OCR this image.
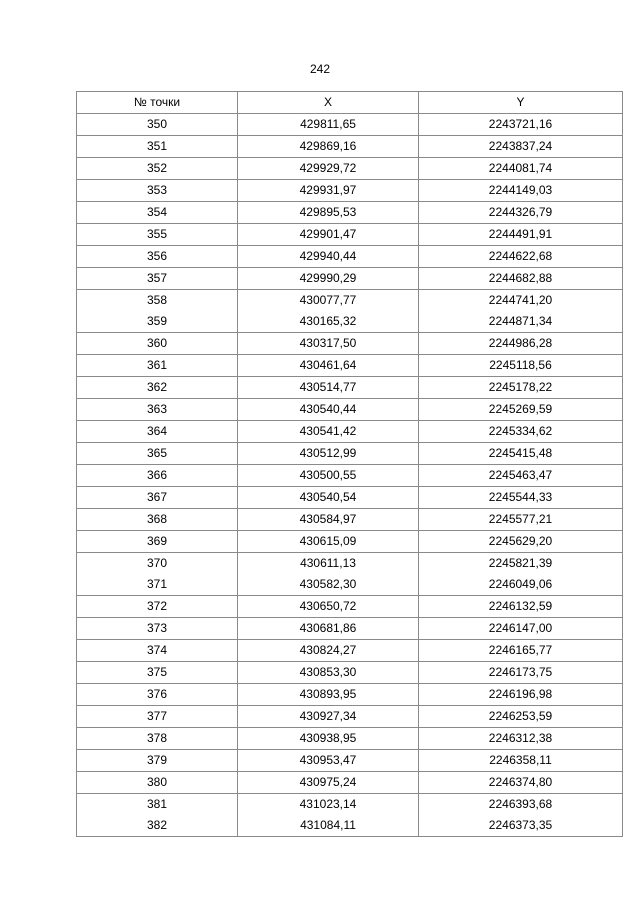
242
№ точки	X	Y
350	429811,65	2243721,16
351	429869,16	2243837,24
352	429929,72	2244081,74
353	429931,97	2244149,03
354	429895,53	2244326,79
355	429901,47	2244491,91
356	429940,44	2244622,68
357	429990,29	2244682,88
358	430077,77	2244741,20
359	430165,32	2244871,34
360	430317,50	2244986,28
361	430461,64	2245118,56
362	430514,77	2245178,22
363	430540,44	2245269,59
364	430541,42	2245334,62
365	430512,99	2245415,48
366	430500,55	2245463,47
367	430540,54	2245544,33
368	430584,97	2245577,21
369	430615,09	2245629,20
370	430611,13	2245821,39
371	430582,30	2246049,06
372	430650,72	2246132,59
373	430681,86	2246147,00
374	430824,27	2246165,77
375	430853,30	2246173,75
376	430893,95	2246196,98
377	430927,34	2246253,59
378	430938,95	2246312,38
379	430953,47	2246358,11
380	430975,24	2246374,80
381	431023,14	2246393,68
382	431084,11	2246373,35
